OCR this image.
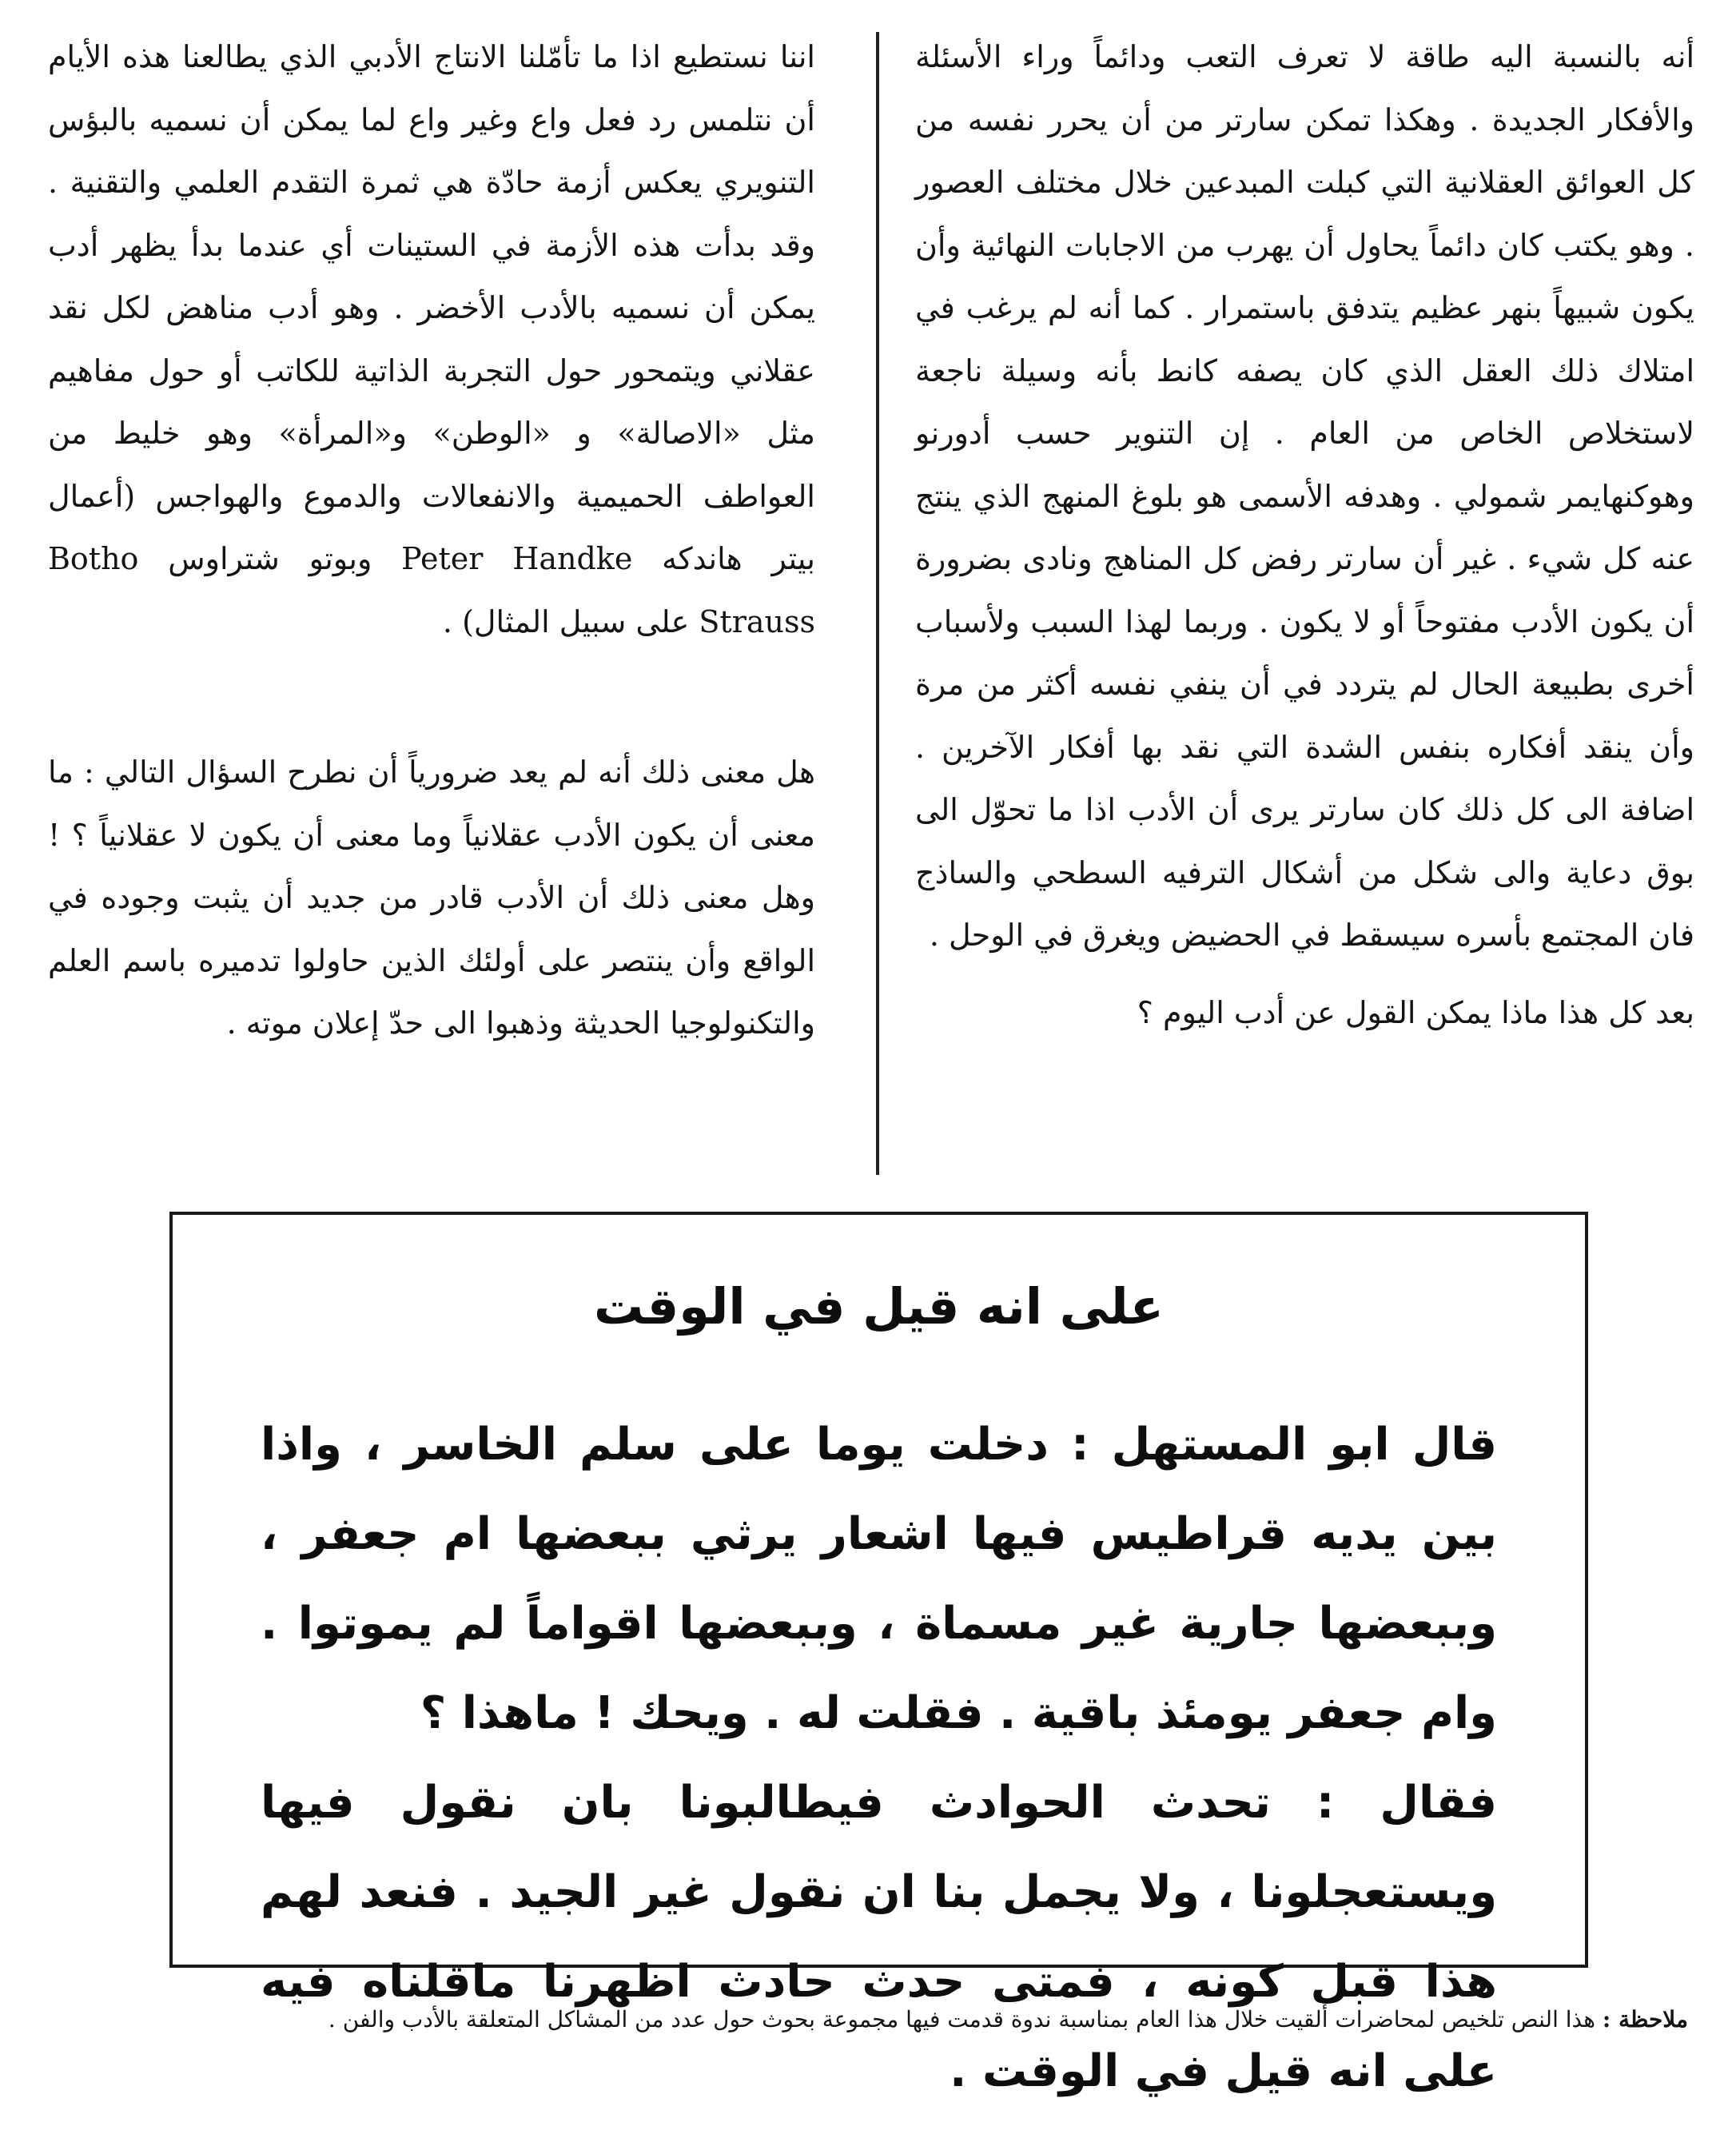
أنه بالنسبة اليه طاقة لا تعرف التعب ودائماً وراء الأسئلة والأفكار الجديدة . وهكذا تمكن سارتر من أن يحرر نفسه من كل العوائق العقلانية التي كبلت المبدعين خلال مختلف العصور . وهو يكتب كان دائماً يحاول أن يهرب من الاجابات النهائية وأن يكون شبيهاً بنهر عظيم يتدفق باستمرار . كما أنه لم يرغب في امتلاك ذلك العقل الذي كان يصفه كانط بأنه وسيلة ناجعة لاستخلاص الخاص من العام . إن التنوير حسب أدورنو وهوكنهايمر شمولي . وهدفه الأسمى هو بلوغ المنهج الذي ينتج عنه كل شيء . غير أن سارتر رفض كل المناهج ونادى بضرورة أن يكون الأدب مفتوحاً أو لا يكون . وربما لهذا السبب ولأسباب أخرى بطبيعة الحال لم يتردد في أن ينفي نفسه أكثر من مرة وأن ينقد أفكاره بنفس الشدة التي نقد بها أفكار الآخرين . اضافة الى كل ذلك كان سارتر يرى أن الأدب اذا ما تحوّل الى بوق دعاية والى شكل من أشكال الترفيه السطحي والساذج فان المجتمع بأسره سيسقط في الحضيض ويغرق في الوحل .

بعد كل هذا ماذا يمكن القول عن أدب اليوم ؟

اننا نستطيع اذا ما تأمّلنا الانتاج الأدبي الذي يطالعنا هذه الأيام أن نتلمس رد فعل واع وغير واع لما يمكن أن نسميه بالبؤس التنويري يعكس أزمة حادّة هي ثمرة التقدم العلمي والتقنية . وقد بدأت هذه الأزمة في الستينات أي عندما بدأ يظهر أدب يمكن أن نسميه بالأدب الأخضر . وهو أدب مناهض لكل نقد عقلاني ويتمحور حول التجربة الذاتية للكاتب أو حول مفاهيم مثل «الاصالة» و «الوطن» و«المرأة» وهو خليط من العواطف الحميمية والانفعالات والدموع والهواجس (أعمال بيتر هاندكه Peter Handke وبوتو شتراوس Botho Strauss على سبيل المثال) .

هل معنى ذلك أنه لم يعد ضرورياً أن نطرح السؤال التالي : ما معنى أن يكون الأدب عقلانياً وما معنى أن يكون لا عقلانياً ؟ ! وهل معنى ذلك أن الأدب قادر من جديد أن يثبت وجوده في الواقع وأن ينتصر على أولئك الذين حاولوا تدميره باسم العلم والتكنولوجيا الحديثة وذهبوا الى حدّ إعلان موته .

على انه قيل في الوقت

قال ابو المستهل : دخلت يوما على سلم الخاسر ، واذا بين يديه قراطيس فيها اشعار يرثي ببعضها ام جعفر ، وببعضها جارية غير مسماة ، وببعضها اقواماً لم يموتوا . وام جعفر يومئذ باقية . فقلت له . ويحك ! ماهذا ؟

فقال : تحدث الحوادث فيطالبونا بان نقول فيها ويستعجلونا ، ولا يجمل بنا ان نقول غير الجيد . فنعد لهم هذا قبل كونه ، فمتى حدث حادث اظهرنا ماقلناه فيه على انه قيل في الوقت .

ملاحظة : هذا النص تلخيص لمحاضرات ألقيت خلال هذا العام بمناسبة ندوة قدمت فيها مجموعة بحوث حول عدد من المشاكل المتعلقة بالأدب والفن .
